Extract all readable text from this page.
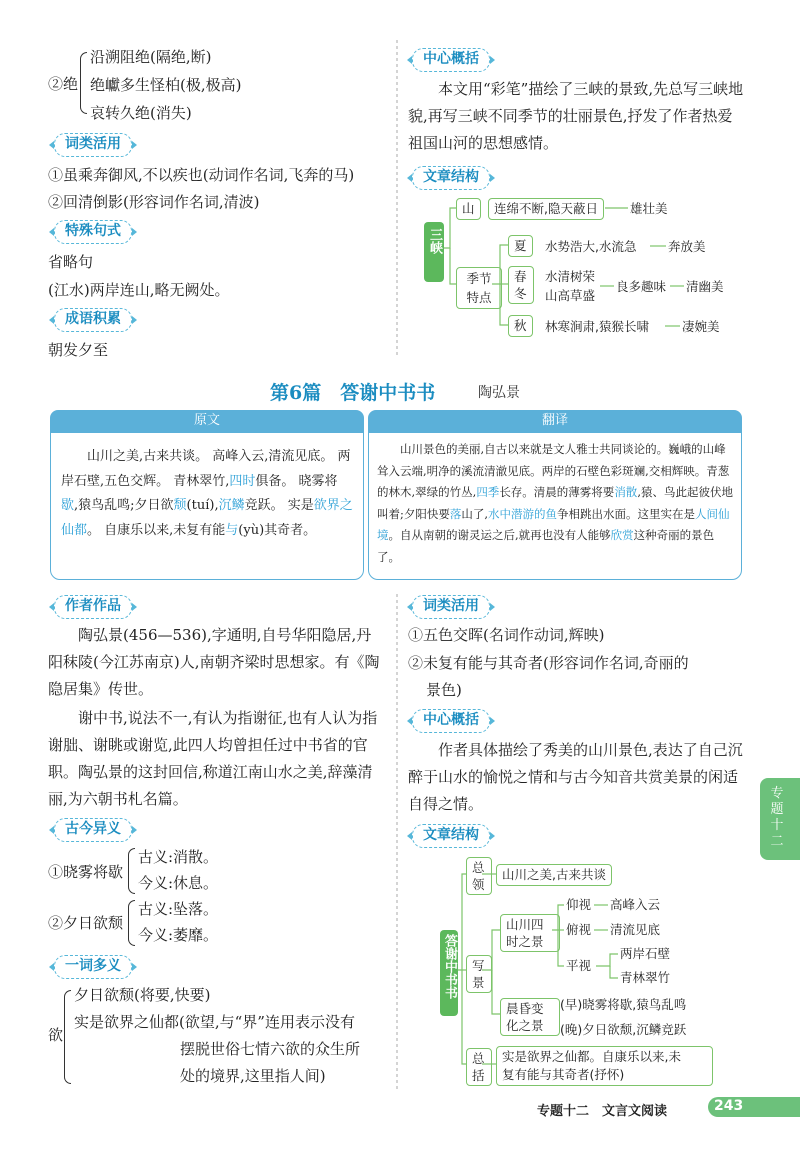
②绝
沿溯阻绝(隔绝,断)
绝巘多生怪柏(极,极高)
哀转久绝(消失)
词类活用
①虽乘奔御风,不以疾也(动词作名词,飞奔的马)
②回清倒影(形容词作名词,清波)
特殊句式
省略句
(江水)两岸连山,略无阙处。
成语积累
朝发夕至
中心概括
本文用“彩笔”描绘了三峡的景致,先总写三峡地貌,再写三峡不同季节的壮丽景色,抒发了作者热爱祖国山河的思想感情。
文章结构
三峡
山	连绵不断,隐天蔽日	雄壮美
季节特点
夏	水势浩大,水流急	奔放美
春冬
水清树荣
山高草盛
良多趣味 清幽美
秋	林寒涧肃,猿猴长啸	凄婉美
第6篇　答谢中书书	陶弘景
原文
山川之美,古来共谈。 高峰入云,清流见底。 两岸石壁,五色交辉。 青林翠竹,四时俱备。 晓雾将歇,猿鸟乱鸣;夕日欲颓(tuí),沉鳞竞跃。 实是欲界之仙都。 自康乐以来,未复有能与(yù)其奇者。
翻译
山川景色的美丽,自古以来就是文人雅士共同谈论的。巍峨的山峰耸入云端,明净的溪流清澈见底。两岸的石壁色彩斑斓,交相辉映。青葱的林木,翠绿的竹丛,四季长存。清晨的薄雾将要消散,猿、鸟此起彼伏地叫着;夕阳快要落山了,水中潜游的鱼争相跳出水面。这里实在是人间仙境。自从南朝的谢灵运之后,就再也没有人能够欣赏这种奇丽的景色了。
作者作品
陶弘景(456—536),字通明,自号华阳隐居,丹阳秣陵(今江苏南京)人,南朝齐梁时思想家。有《陶隐居集》传世。
谢中书,说法不一,有认为指谢征,也有人认为指谢朏、谢眺或谢览,此四人均曾担任过中书省的官职。陶弘景的这封回信,称道江南山水之美,辞藻清丽,为六朝书札名篇。
古今异义
①晓雾将歇
古义:消散。
今义:休息。
②夕日欲颓
古义:坠落。
今义:萎靡。
一词多义
欲
夕日欲颓(将要,快要)
实是欲界之仙都(欲望,与“界”连用表示没有
摆脱世俗七情六欲的众生所
处的境界,这里指人间)
词类活用
①五色交晖(名词作动词,辉映)
②未复有能与其奇者(形容词作名词,奇丽的
景色)
中心概括
作者具体描绘了秀美的山川景色,表达了自己沉醉于山水的愉悦之情和与古今知音共赏美景的闲适自得之情。
文章结构
答谢中书书
总领
山川之美,古来共谈
写景
山川四时之景
仰视 高峰入云
俯视 清流见底
平视
两岸石壁
青林翠竹
晨昏变化之景
(早)晓雾将歇,猿鸟乱鸣
(晚)夕日欲颓,沉鳞竞跃
总括
实是欲界之仙都。自康乐以来,未
复有能与其奇者(抒怀)
专题十二
专题十二　文言文阅读	243
